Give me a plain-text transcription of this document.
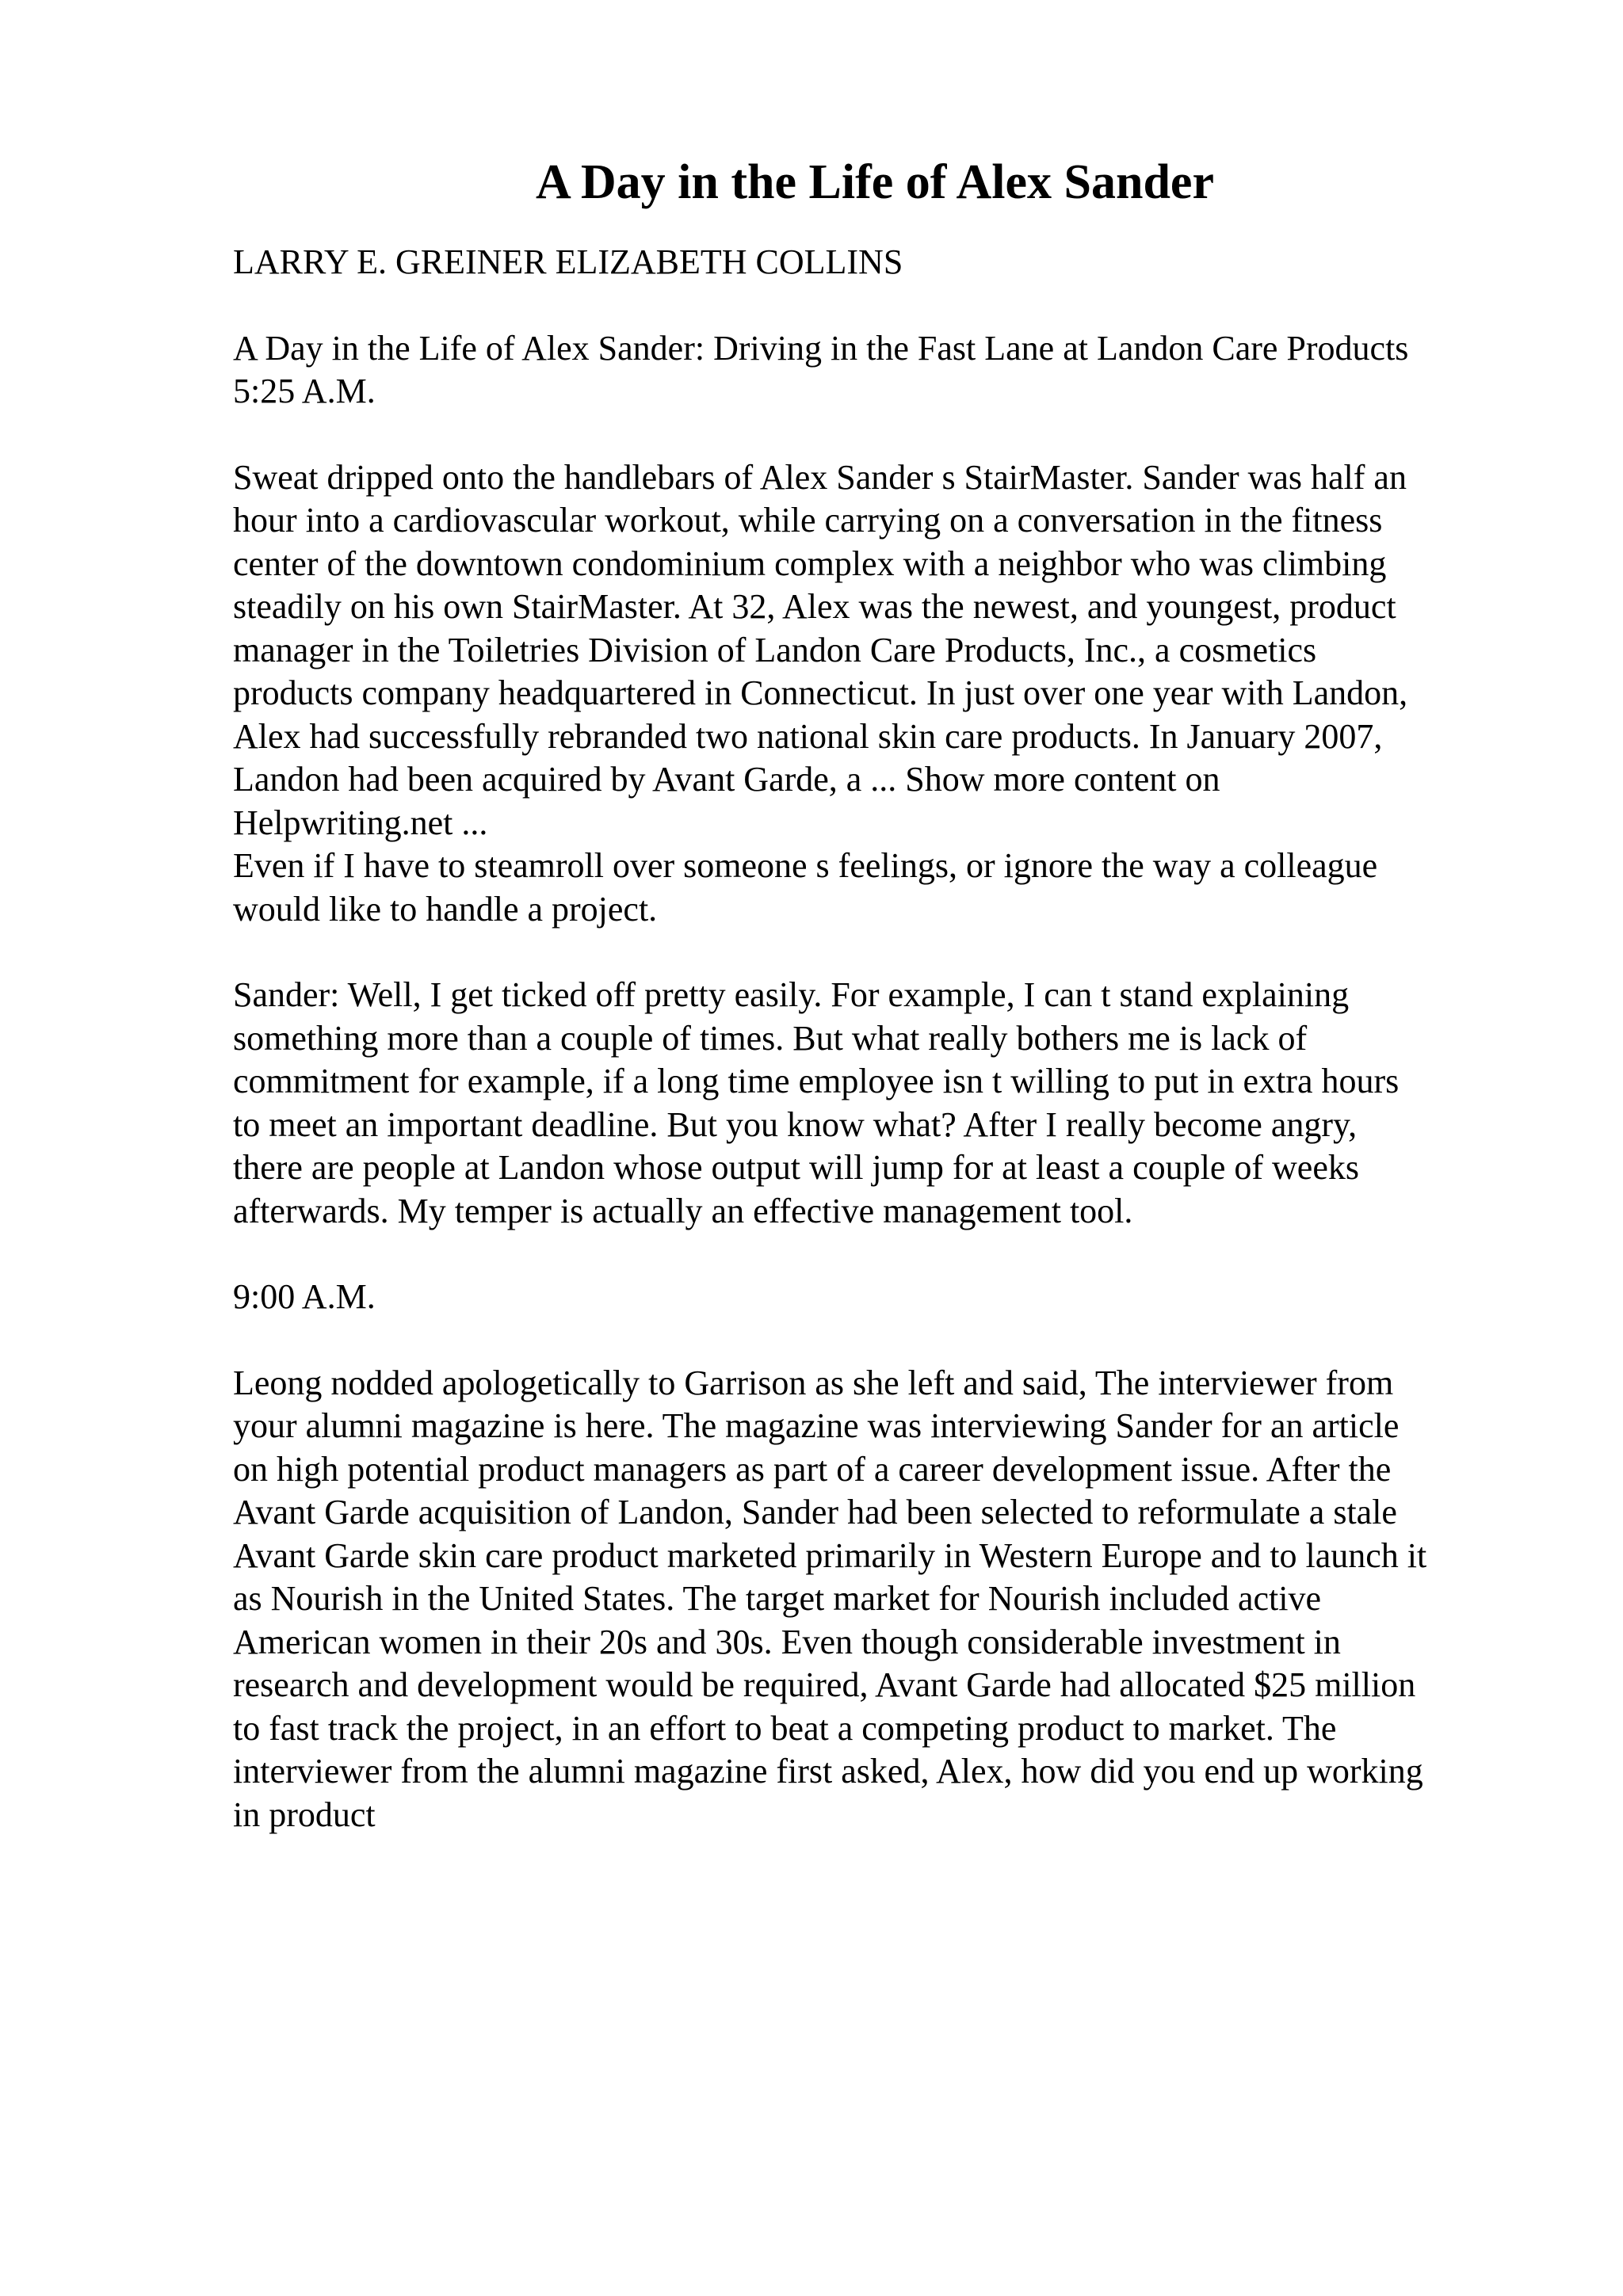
A Day in the Life of Alex Sander

LARRY E. GREINER ELIZABETH COLLINS

A Day in the Life of Alex Sander: Driving in the Fast Lane at Landon Care Products
5:25 A.M.

Sweat dripped onto the handlebars of Alex Sander s StairMaster. Sander was half an
hour into a cardiovascular workout, while carrying on a conversation in the fitness
center of the downtown condominium complex with a neighbor who was climbing
steadily on his own StairMaster. At 32, Alex was the newest, and youngest, product
manager in the Toiletries Division of Landon Care Products, Inc., a cosmetics
products company headquartered in Connecticut. In just over one year with Landon,
Alex had successfully rebranded two national skin care products. In January 2007,
Landon had been acquired by Avant Garde, a ... Show more content on
Helpwriting.net ...
Even if I have to steamroll over someone s feelings, or ignore the way a colleague
would like to handle a project.

Sander: Well, I get ticked off pretty easily. For example, I can t stand explaining
something more than a couple of times. But what really bothers me is lack of
commitment for example, if a long time employee isn t willing to put in extra hours
to meet an important deadline. But you know what? After I really become angry,
there are people at Landon whose output will jump for at least a couple of weeks
afterwards. My temper is actually an effective management tool.

9:00 A.M.

Leong nodded apologetically to Garrison as she left and said, The interviewer from
your alumni magazine is here. The magazine was interviewing Sander for an article
on high potential product managers as part of a career development issue. After the
Avant Garde acquisition of Landon, Sander had been selected to reformulate a stale
Avant Garde skin care product marketed primarily in Western Europe and to launch it
as Nourish in the United States. The target market for Nourish included active
American women in their 20s and 30s. Even though considerable investment in
research and development would be required, Avant Garde had allocated $25 million
to fast track the project, in an effort to beat a competing product to market. The
interviewer from the alumni magazine first asked, Alex, how did you end up working
in product
